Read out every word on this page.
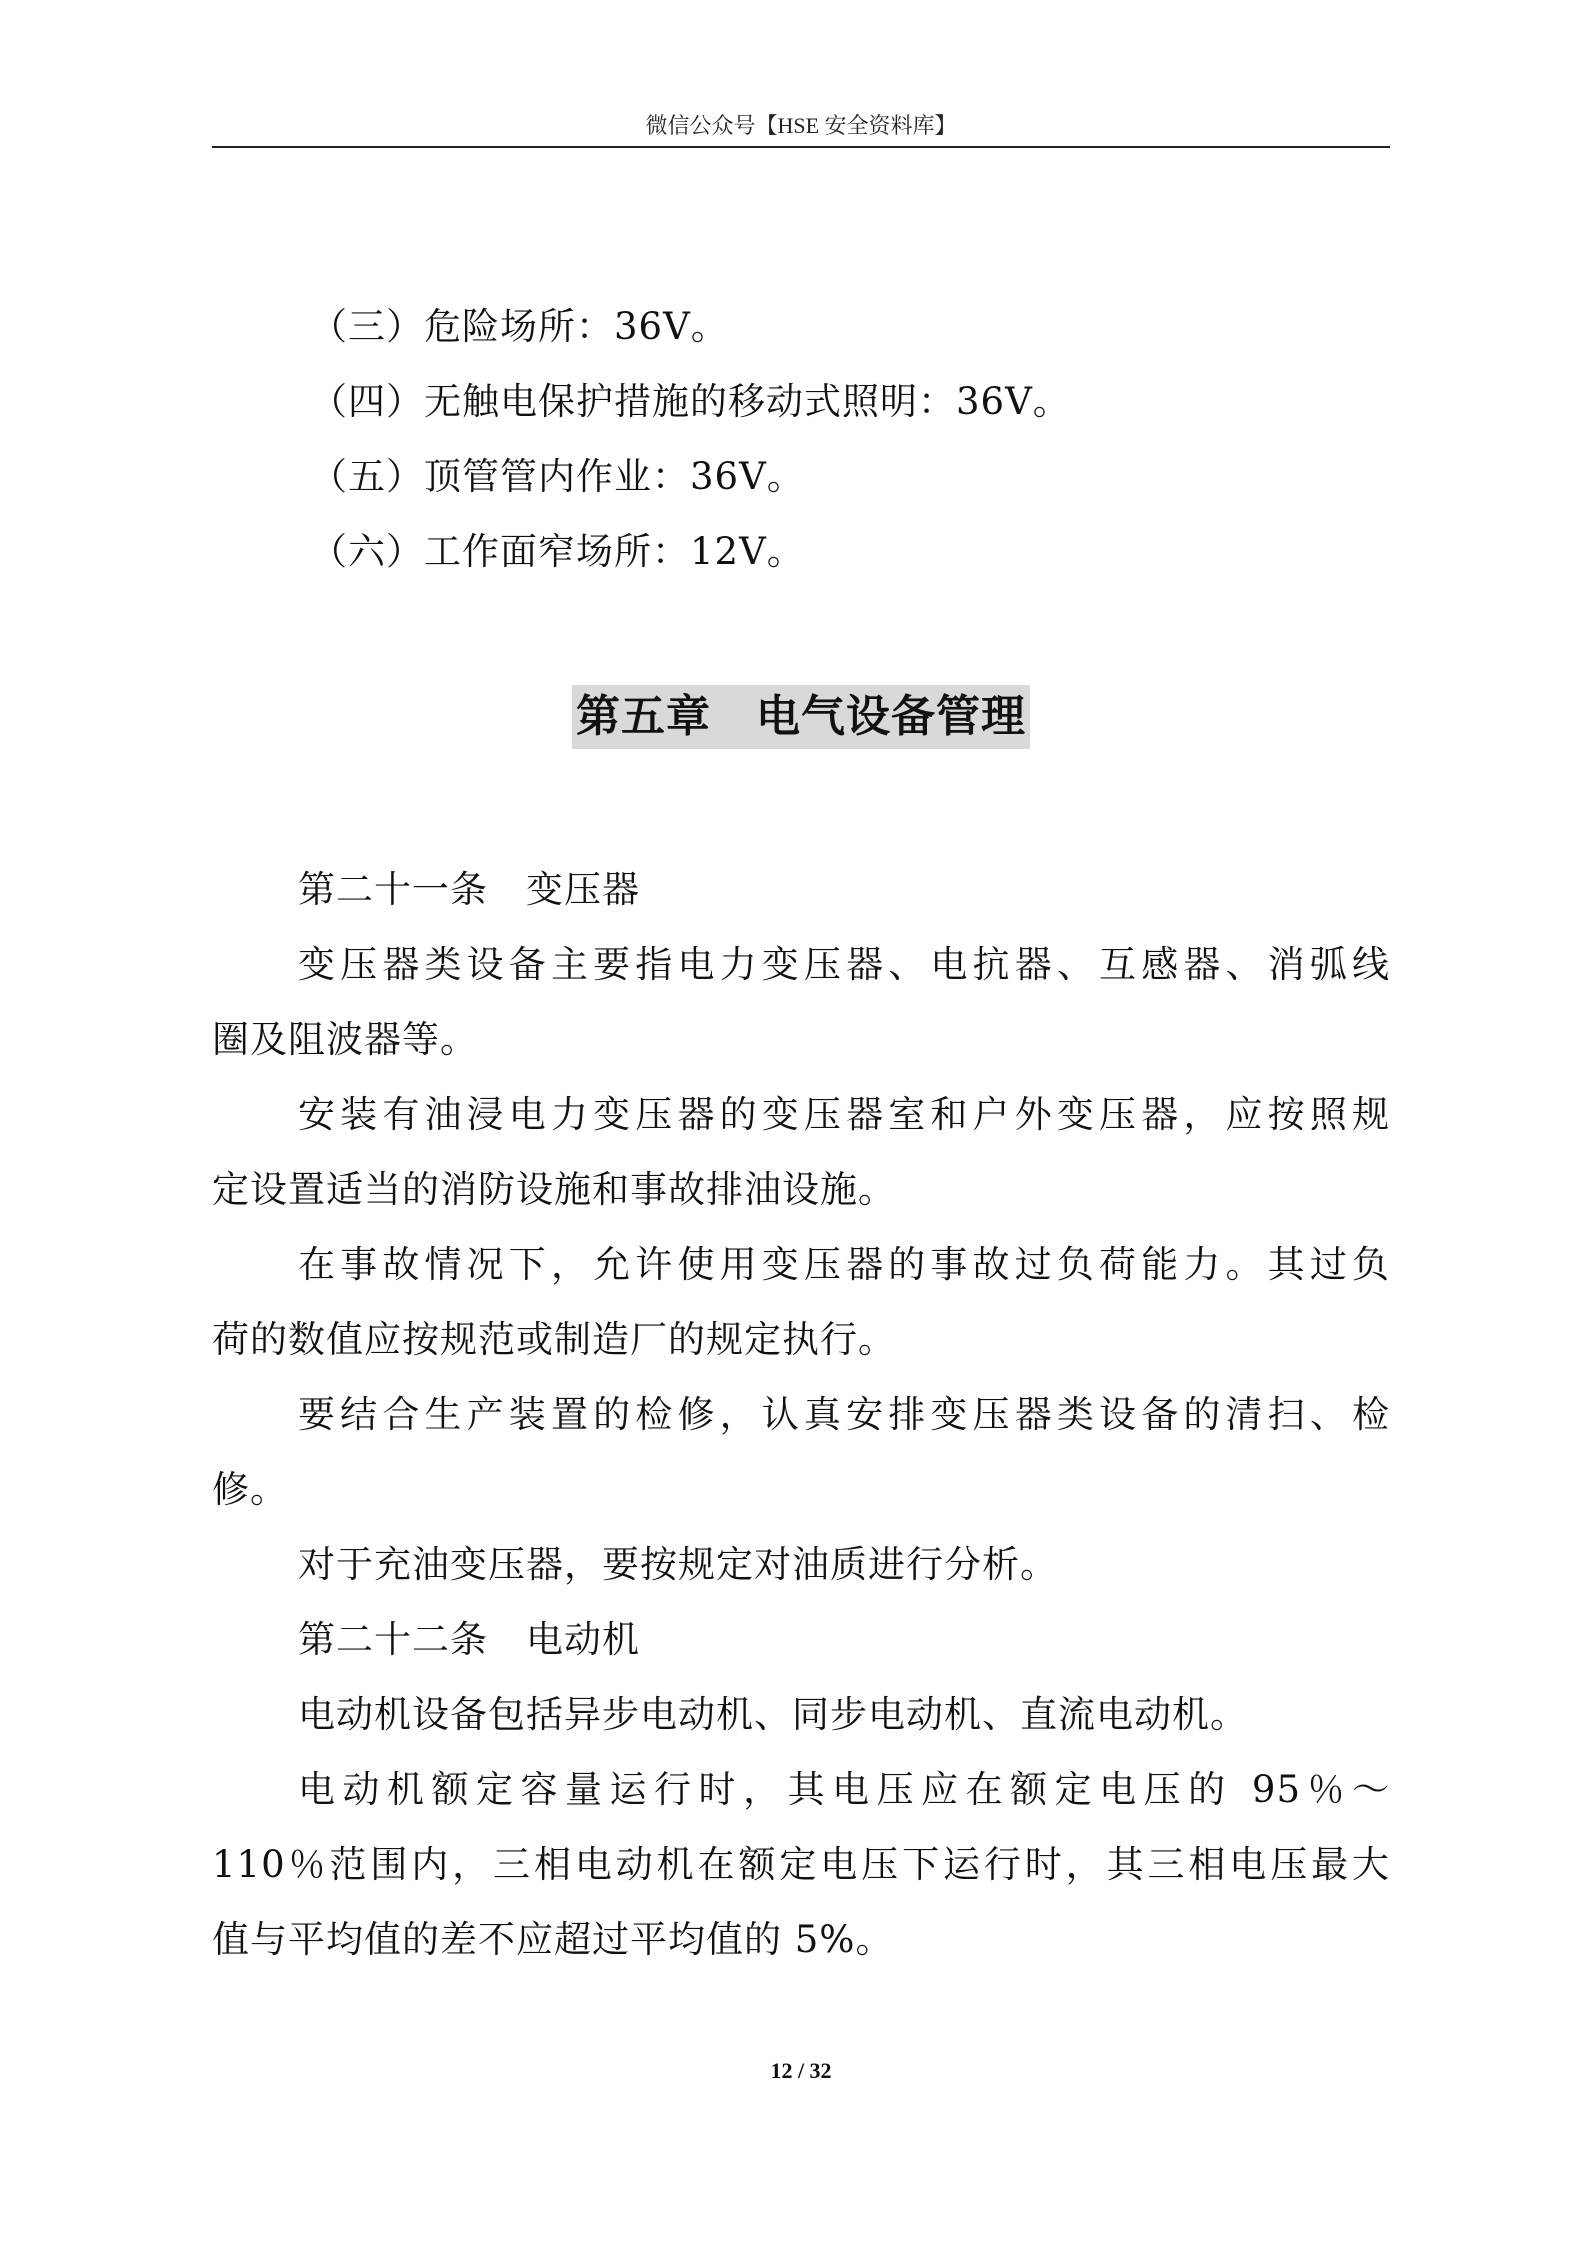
微信公众号【HSE 安全资料库】
（三）危险场所：36V。
（四）无触电保护措施的移动式照明：36V。
（五）顶管管内作业：36V。
（六）工作面窄场所：12V。
第五章　电气设备管理
第二十一条　变压器
变压器类设备主要指电力变压器、电抗器、互感器、消弧线
圈及阻波器等。
安装有油浸电力变压器的变压器室和户外变压器，应按照规
定设置适当的消防设施和事故排油设施。
在事故情况下，允许使用变压器的事故过负荷能力。其过负
荷的数值应按规范或制造厂的规定执行。
要结合生产装置的检修，认真安排变压器类设备的清扫、检
修。
对于充油变压器，要按规定对油质进行分析。
第二十二条　电动机
电动机设备包括异步电动机、同步电动机、直流电动机。
电动机额定容量运行时，其电压应在额定电压的 95％～
110％范围内，三相电动机在额定电压下运行时，其三相电压最大
值与平均值的差不应超过平均值的 5%。
12 / 32
